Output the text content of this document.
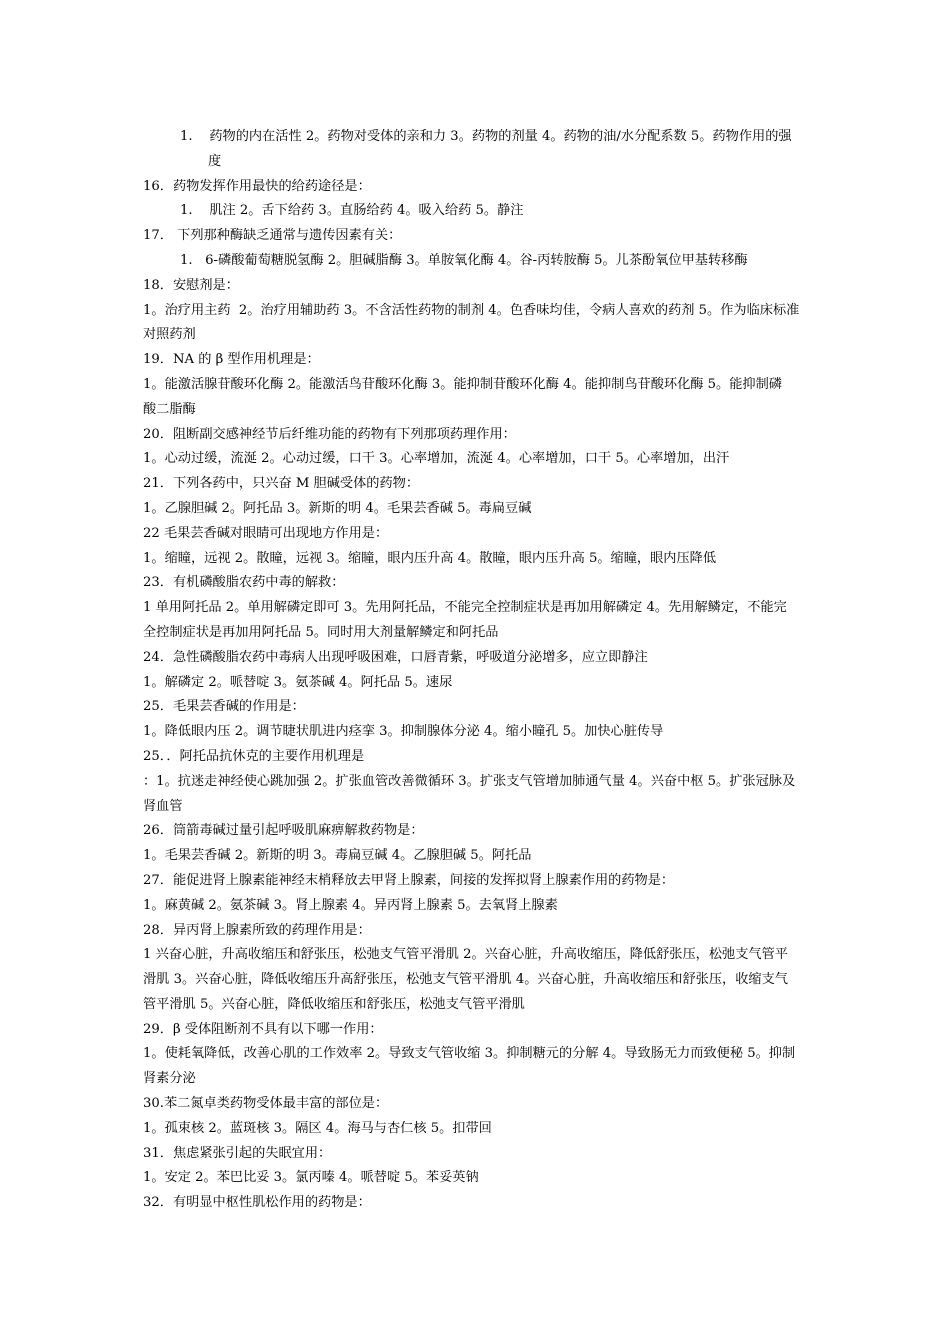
1.    药物的内在活性 2。药物对受体的亲和力 3。药物的剂量 4。药物的油/水分配系数 5。药物作用的强
度
16．药物发挥作用最快的给药途径是：
1.    肌注 2。舌下给药 3。直肠给药 4。吸入给药 5。静注
17． 下列那种酶缺乏通常与遗传因素有关：
1.   6-磷酸葡萄糖脱氢酶 2。胆碱脂酶 3。单胺氧化酶 4。谷-丙转胺酶 5。儿茶酚氧位甲基转移酶
18．安慰剂是：
1。治疗用主药  2。治疗用辅助药 3。不含活性药物的制剂 4。色香味均佳，令病人喜欢的药剂 5。作为临床标准
对照药剂
19．NA 的 β 型作用机理是：
1。能激活腺苷酸环化酶 2。能激活鸟苷酸环化酶 3。能抑制苷酸环化酶 4。能抑制鸟苷酸环化酶 5。能抑制磷
酸二脂酶
20．阻断副交感神经节后纤维功能的药物有下列那项药理作用：
1。心动过缓，流涎 2。心动过缓，口干 3。心率增加，流涎 4。心率增加，口干 5。心率增加，出汗
21．下列各药中，只兴奋 M 胆碱受体的药物：
1。乙腺胆碱 2。阿托品 3。新斯的明 4。毛果芸香碱 5。毒扁豆碱
22 毛果芸香碱对眼睛可出现地方作用是：
1。缩瞳，远视 2。散瞳，远视 3。缩瞳，眼内压升高 4。散瞳，眼内压升高 5。缩瞳，眼内压降低
23．有机磷酸脂农药中毒的解救：
1 单用阿托品 2。单用解磷定即可 3。先用阿托品，不能完全控制症状是再加用解磷定 4。先用解鳞定，不能完
全控制症状是再加用阿托品 5。同时用大剂量解鳞定和阿托品
24．急性磷酸脂农药中毒病人出现呼吸困难，口唇青紫，呼吸道分泌增多，应立即静注
1。解磷定 2。哌替啶 3。氨茶碱 4。阿托品 5。速尿
25．毛果芸香碱的作用是：
1。降低眼内压 2。调节睫状肌进内痉挛 3。抑制腺体分泌 4。缩小瞳孔 5。加快心脏传导
25．．阿托品抗休克的主要作用机理是
：1。抗迷走神经使心跳加强 2。扩张血管改善微循环 3。扩张支气管增加肺通气量 4。兴奋中枢 5。扩张冠脉及
肾血管
26．筒箭毒碱过量引起呼吸肌麻痹解救药物是：
1。毛果芸香碱 2。新斯的明 3。毒扁豆碱 4。乙腺胆碱 5。阿托品
27．能促进肾上腺素能神经末梢释放去甲肾上腺素，间接的发挥拟肾上腺素作用的药物是：
1。麻黄碱 2。氨茶碱 3。肾上腺素 4。异丙肾上腺素 5。去氧肾上腺素
28．异丙肾上腺素所致的药理作用是：
1 兴奋心脏，升高收缩压和舒张压，松弛支气管平滑肌 2。兴奋心脏，升高收缩压，降低舒张压，松弛支气管平
滑肌 3。兴奋心脏，降低收缩压升高舒张压，松弛支气管平滑肌 4。兴奋心脏，升高收缩压和舒张压，收缩支气
管平滑肌 5。兴奋心脏，降低收缩压和舒张压，松弛支气管平滑肌
29．β 受体阻断剂不具有以下哪一作用：
1。使耗氧降低，改善心肌的工作效率 2。导致支气管收缩 3。抑制糖元的分解 4。导致肠无力而致便秘 5。抑制
肾素分泌
30.苯二氮卓类药物受体最丰富的部位是：
1。孤束核 2。蓝斑核 3。隔区 4。海马与杏仁核 5。扣带回
31．焦虑紧张引起的失眠宜用：
1。安定 2。苯巴比妥 3。氯丙嗪 4。哌替啶 5。苯妥英钠
32．有明显中枢性肌松作用的药物是：
